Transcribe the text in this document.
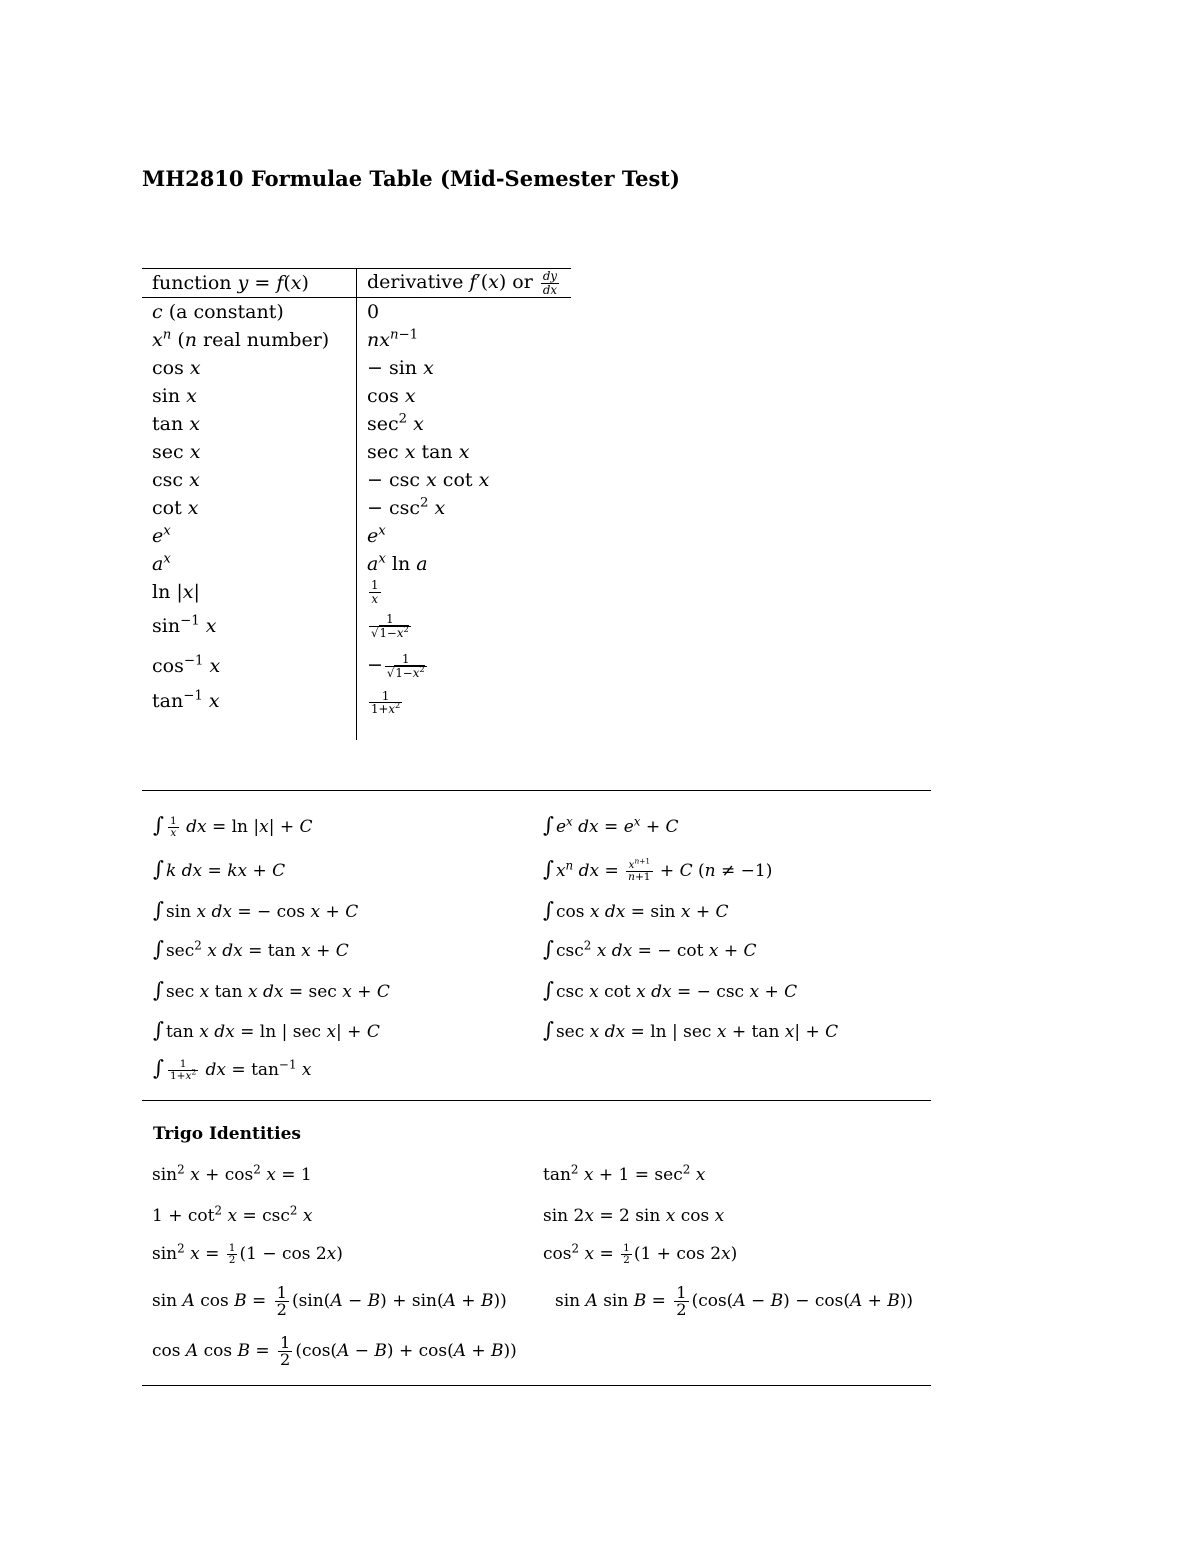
MH2810 Formulae Table (Mid-Semester Test)
function y = f(x)	derivative f′(x) or $\frac{dy}{dx}$

c (a constant)	0
$x^n$ (n real number)	$nx^{n-1}$
cos x	− sin x
sin x	cos x
tan x	$\sec^2 x$
sec x	sec x tan x
csc x	− csc x cot x
cot x	− $\csc^2 x$
$e^x$	$e^x$
$a^x$	$a^x$ ln a
ln |x|	$\frac{1}{x}$

$\sin^{-1} x$	$\frac{1}{√1-x^2}$

$\cos^{-1} x$	− $\frac{1}{√1-x^2}$

$\tan^{-1} x$	$\frac{1}{1+x^2}$
∫ $\frac{1}{x}$ dx = ln |x| + C	∫ $e^x$ dx = $e^x + C$
∫ k dx = kx + C	∫ $x^n$ dx = $\frac{x^{n+1}}{n+1} + C$ (n ≠ −1)
∫ sin x dx = − cos x + C	∫ cos x dx = sin x + C
∫ $\sec^2 x$ dx = tan x + C	∫ $\csc^2 x$ dx = − cot x + C
∫ sec x tan x dx = sec x + C	∫ csc x cot x dx = − csc x + C
∫ tan x dx = ln | sec x| + C	∫ sec x dx = ln | sec x + tan x| + C
∫ $\frac{1}{1+x^2}$ dx = $\tan^{-1} x$
Trigo Identities
$\sin^2 x + \cos^2 x = 1$	$\tan^2 x + 1 = \sec^2 x$
$1 + \cot^2 x = \csc^2 x$	sin 2x = 2 sin x cos x
$\sin^2 x = \frac{1}{2} (1 - \cos 2x)$	$\cos^2 x = \frac{1}{2} (1 + \cos 2x)$
sin A $\cos B = \frac{1}{2} (\sin(A - B) + \sin(A + B))$	sin A $\sin B = \frac{1}{2} (\cos(A - B) - \cos(A + B))$
cos A $\cos B = \frac{1}{2} (\cos(A - B) + \cos(A + B))$
